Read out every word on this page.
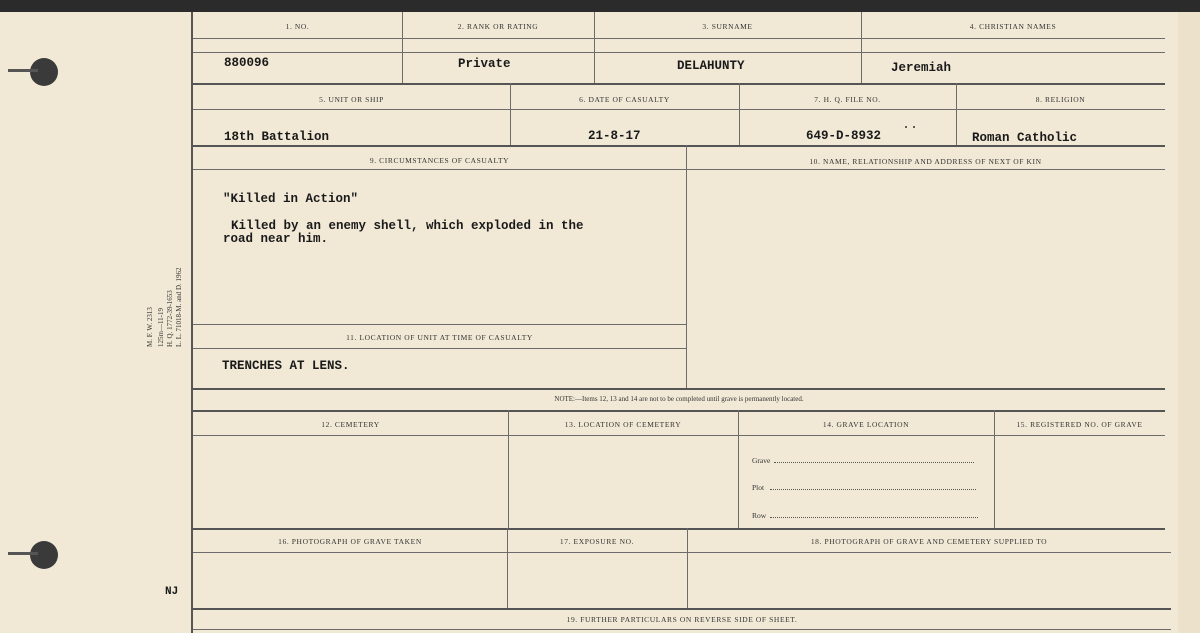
M. F. W. 2313 125m—11-19 H. Q. 1772-39-1653 L. L. 71018-M. and D. 1962
NJ
1. NO.	2. RANK OR RATING	3. SURNAME	4. CHRISTIAN NAMES
880096	Private	DELAHUNTY	Jeremiah
5. UNIT OR SHIP	6. DATE OF CASUALTY	7. H. Q. FILE NO.	8. RELIGION
18th Battalion	21-8-17	649-D-8932	Roman Catholic
9. CIRCUMSTANCES OF CASUALTY	10. NAME, RELATIONSHIP AND ADDRESS OF NEXT OF KIN
"Killed in Action"
Killed by an enemy shell, which exploded in the
road near him.
11. LOCATION OF UNIT AT TIME OF CASUALTY
TRENCHES AT LENS.
NOTE:—Items 12, 13 and 14 are not to be completed until grave is permanently located.
12. CEMETERY	13. LOCATION OF CEMETERY	14. GRAVE LOCATION	15. REGISTERED NO. OF GRAVE
Grave
Plot
Row
16. PHOTOGRAPH OF GRAVE TAKEN	17. EXPOSURE NO.	18. PHOTOGRAPH OF GRAVE AND CEMETERY SUPPLIED TO
19. FURTHER PARTICULARS ON REVERSE SIDE OF SHEET.
